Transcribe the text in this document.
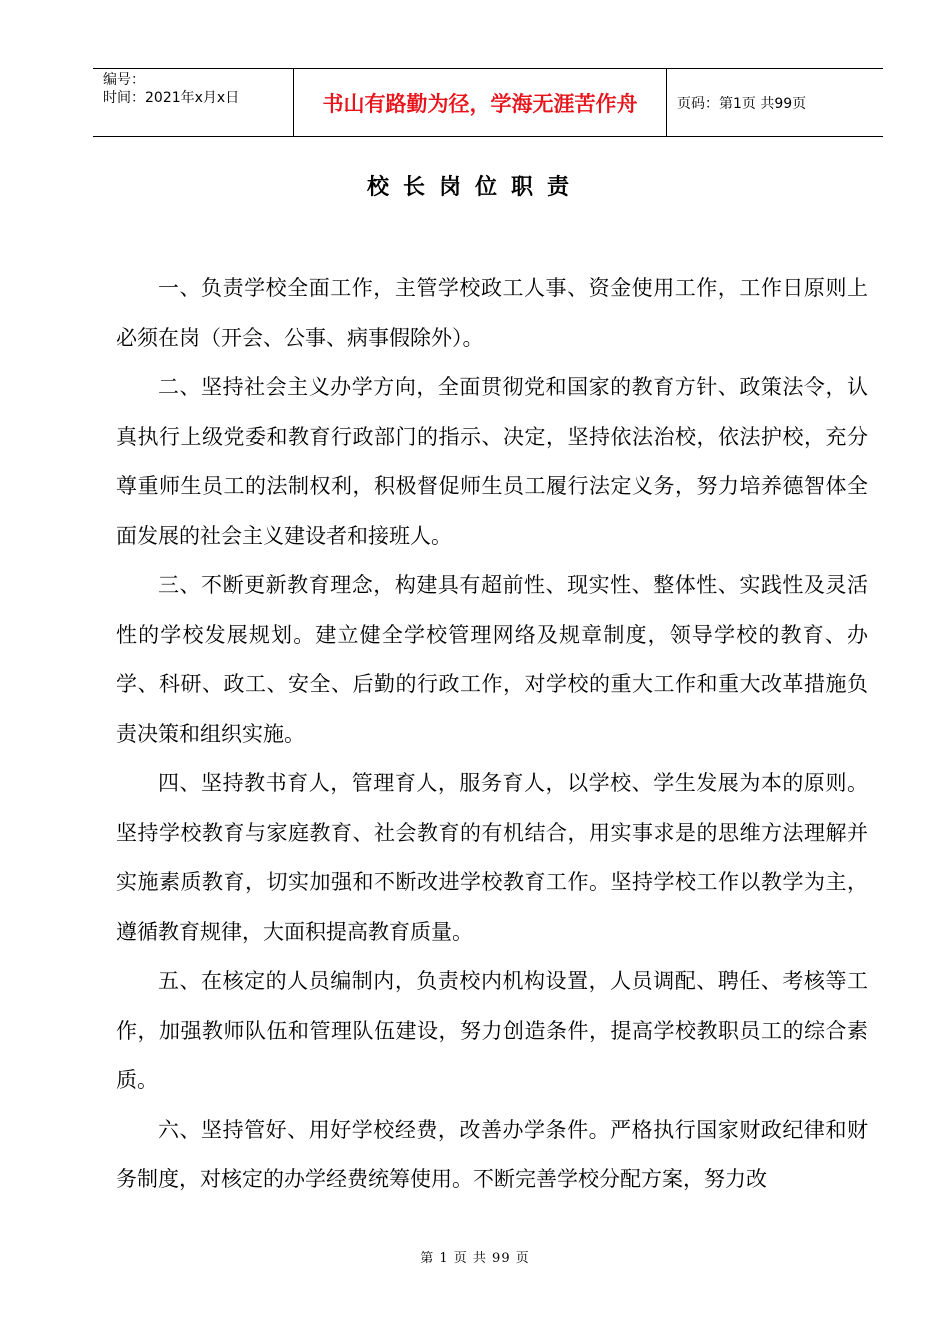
编号：
时间：2021年x月x日	书山有路勤为径，学海无涯苦作舟	页码：第1页 共99页
校长岗位职责

一、负责学校全面工作，主管学校政工人事、资金使用工作，工作日原则上必须在岗（开会、公事、病事假除外）。

二、坚持社会主义办学方向，全面贯彻党和国家的教育方针、政策法令，认真执行上级党委和教育行政部门的指示、决定，坚持依法治校，依法护校，充分尊重师生员工的法制权利，积极督促师生员工履行法定义务，努力培养德智体全面发展的社会主义建设者和接班人。

三、不断更新教育理念，构建具有超前性、现实性、整体性、实践性及灵活性的学校发展规划。建立健全学校管理网络及规章制度，领导学校的教育、办学、科研、政工、安全、后勤的行政工作，对学校的重大工作和重大改革措施负责决策和组织实施。

四、坚持教书育人，管理育人，服务育人，以学校、学生发展为本的原则。坚持学校教育与家庭教育、社会教育的有机结合，用实事求是的思维方法理解并实施素质教育，切实加强和不断改进学校教育工作。坚持学校工作以教学为主，遵循教育规律，大面积提高教育质量。

五、在核定的人员编制内，负责校内机构设置，人员调配、聘任、考核等工作，加强教师队伍和管理队伍建设，努力创造条件，提高学校教职员工的综合素质。

六、坚持管好、用好学校经费，改善办学条件。严格执行国家财政纪律和财务制度，对核定的办学经费统筹使用。不断完善学校分配方案，努力改

第 1 页 共 99 页
